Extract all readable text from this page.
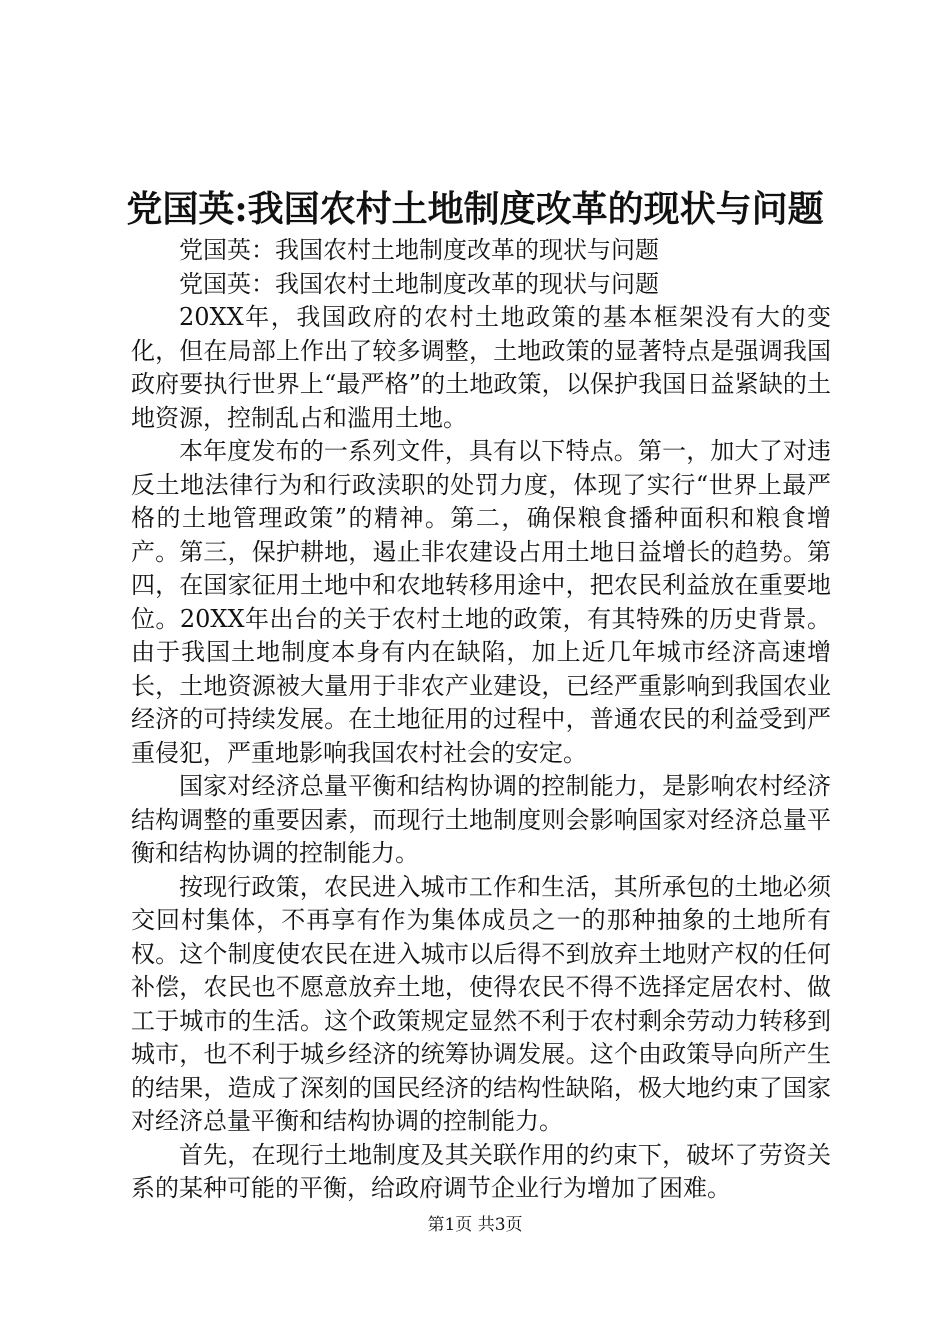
党国英:我国农村土地制度改革的现状与问题

党国英：我国农村土地制度改革的现状与问题

党国英：我国农村土地制度改革的现状与问题

20XX年，我国政府的农村土地政策的基本框架没有大的变化，但在局部上作出了较多调整，土地政策的显著特点是强调我国政府要执行世界上“最严格”的土地政策，以保护我国日益紧缺的土地资源，控制乱占和滥用土地。

本年度发布的一系列文件，具有以下特点。第一，加大了对违反土地法律行为和行政渎职的处罚力度，体现了实行“世界上最严格的土地管理政策”的精神。第二，确保粮食播种面积和粮食增产。第三，保护耕地，遏止非农建设占用土地日益增长的趋势。第四，在国家征用土地中和农地转移用途中，把农民利益放在重要地位。20XX年出台的关于农村土地的政策，有其特殊的历史背景。由于我国土地制度本身有内在缺陷，加上近几年城市经济高速增长，土地资源被大量用于非农产业建设，已经严重影响到我国农业经济的可持续发展。在土地征用的过程中，普通农民的利益受到严重侵犯，严重地影响我国农村社会的安定。

国家对经济总量平衡和结构协调的控制能力，是影响农村经济结构调整的重要因素，而现行土地制度则会影响国家对经济总量平衡和结构协调的控制能力。

按现行政策，农民进入城市工作和生活，其所承包的土地必须交回村集体，不再享有作为集体成员之一的那种抽象的土地所有权。这个制度使农民在进入城市以后得不到放弃土地财产权的任何补偿，农民也不愿意放弃土地，使得农民不得不选择定居农村、做工于城市的生活。这个政策规定显然不利于农村剩余劳动力转移到城市，也不利于城乡经济的统筹协调发展。这个由政策导向所产生的结果，造成了深刻的国民经济的结构性缺陷，极大地约束了国家对经济总量平衡和结构协调的控制能力。

首先，在现行土地制度及其关联作用的约束下，破坏了劳资关系的某种可能的平衡，给政府调节企业行为增加了困难。

第1页 共3页
